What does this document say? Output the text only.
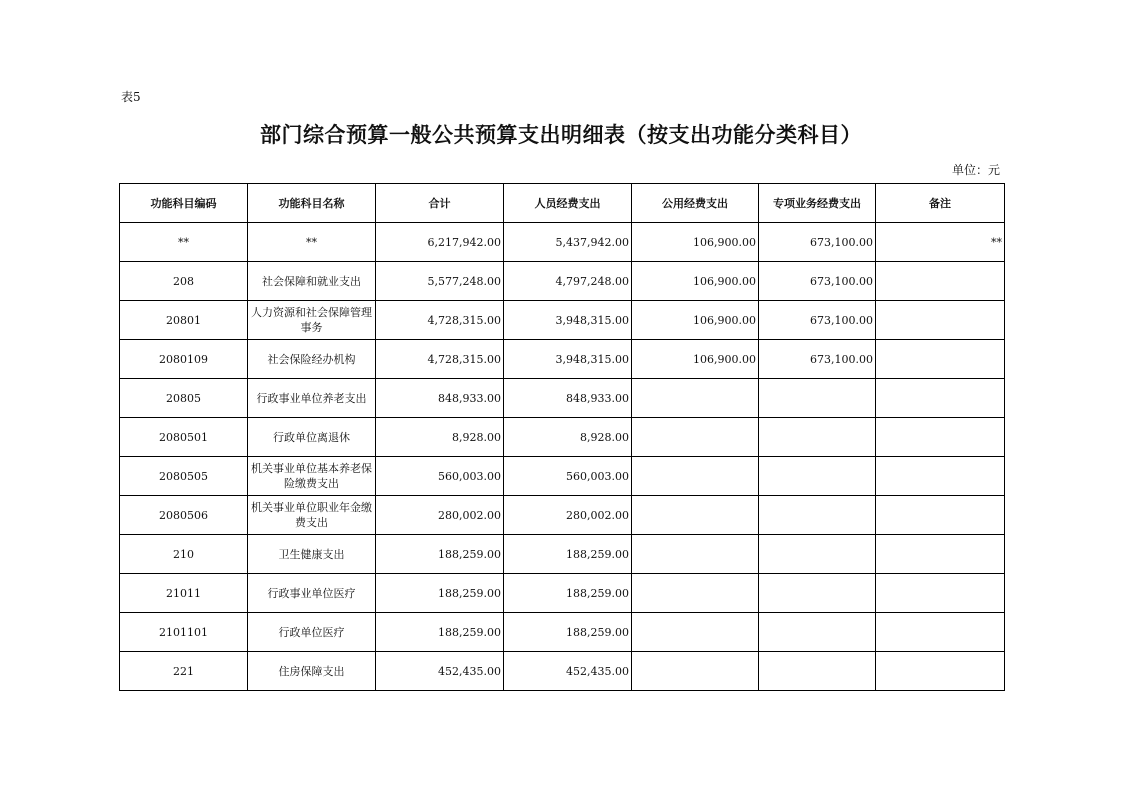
表5
部门综合预算一般公共预算支出明细表（按支出功能分类科目）
单位：元
功能科目编码	功能科目名称	合计	人员经费支出	公用经费支出	专项业务经费支出	备注
**	**	6,217,942.00	5,437,942.00	106,900.00	673,100.00	**
208	社会保障和就业支出	5,577,248.00	4,797,248.00	106,900.00	673,100.00	
20801	人力资源和社会保障管理事务	4,728,315.00	3,948,315.00	106,900.00	673,100.00	
2080109	社会保险经办机构	4,728,315.00	3,948,315.00	106,900.00	673,100.00	
20805	行政事业单位养老支出	848,933.00	848,933.00			
2080501	行政单位离退休	8,928.00	8,928.00			
2080505	机关事业单位基本养老保险缴费支出	560,003.00	560,003.00			
2080506	机关事业单位职业年金缴费支出	280,002.00	280,002.00			
210	卫生健康支出	188,259.00	188,259.00			
21011	行政事业单位医疗	188,259.00	188,259.00			
2101101	行政单位医疗	188,259.00	188,259.00			
221	住房保障支出	452,435.00	452,435.00			
